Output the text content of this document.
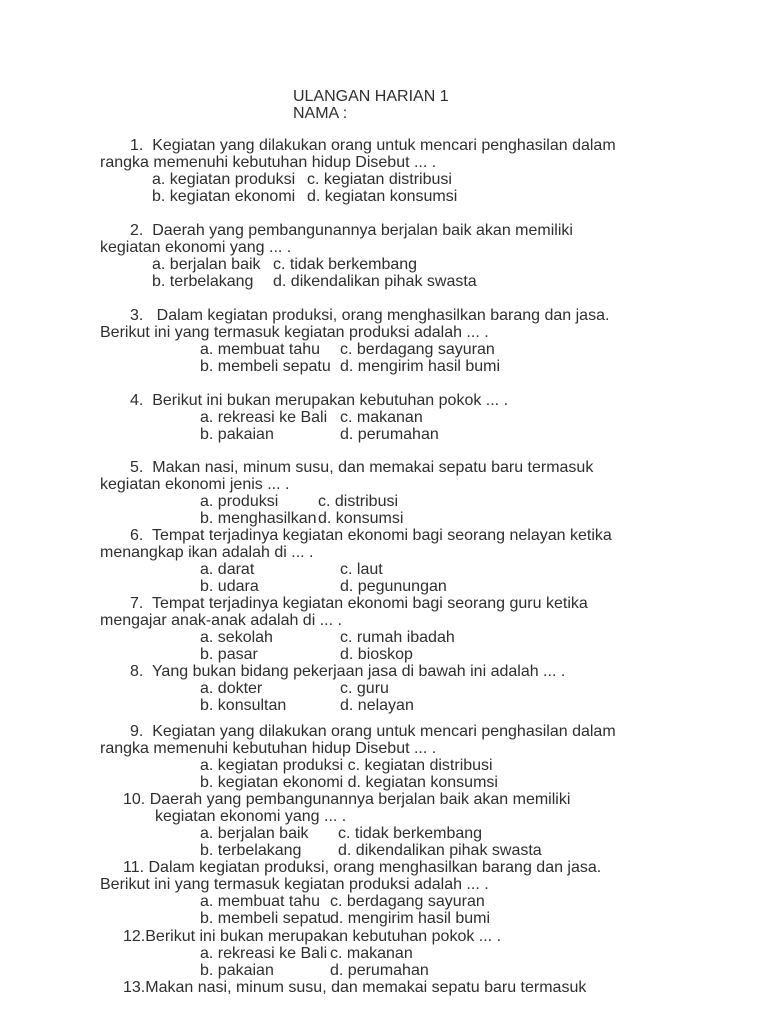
ULANGAN HARIAN 1
NAMA :
1.  Kegiatan yang dilakukan orang untuk mencari penghasilan dalam
rangka memenuhi kebutuhan hidup Disebut ... .
a. kegiatan produksi c. kegiatan distribusi
b. kegiatan ekonomi d. kegiatan konsumsi
2.  Daerah yang pembangunannya berjalan baik akan memiliki
kegiatan ekonomi yang ... .
a. berjalan baik c. tidak berkembang
b. terbelakang d. dikendalikan pihak swasta
3.   Dalam kegiatan produksi, orang menghasilkan barang dan jasa.
Berikut ini yang termasuk kegiatan produksi adalah ... .
a. membuat tahu c. berdagang sayuran
b. membeli sepatu d. mengirim hasil bumi
4.  Berikut ini bukan merupakan kebutuhan pokok ... .
a. rekreasi ke Bali c. makanan
b. pakaian	d. perumahan
5.  Makan nasi, minum susu, dan memakai sepatu baru termasuk
kegiatan ekonomi jenis ... .
a. produksi c. distribusi
b. menghasilkan d. konsumsi
6.  Tempat terjadinya kegiatan ekonomi bagi seorang nelayan ketika
menangkap ikan adalah di ... .
a. darat	c. laut
b. udara	d. pegunungan
7.  Tempat terjadinya kegiatan ekonomi bagi seorang guru ketika
mengajar anak-anak adalah di ... .
a. sekolah	c. rumah ibadah
b. pasar	d. bioskop
8.  Yang bukan bidang pekerjaan jasa di bawah ini adalah ... .
a. dokter	c. guru
b. konsultan	d. nelayan
9.  Kegiatan yang dilakukan orang untuk mencari penghasilan dalam
rangka memenuhi kebutuhan hidup Disebut ... .
a. kegiatan produksi c. kegiatan distribusi
b. kegiatan ekonomi d. kegiatan konsumsi
10. Daerah yang pembangunannya berjalan baik akan memiliki
kegiatan ekonomi yang ... .
a. berjalan baik c. tidak berkembang
b. terbelakang d. dikendalikan pihak swasta
11. Dalam kegiatan produksi, orang menghasilkan barang dan jasa.
Berikut ini yang termasuk kegiatan produksi adalah ... .
a. membuat tahu c. berdagang sayuran
b. membeli sepatu d. mengirim hasil bumi
12.Berikut ini bukan merupakan kebutuhan pokok ... .
a. rekreasi ke Bali c. makanan
b. pakaian	d. perumahan
13.Makan nasi, minum susu, dan memakai sepatu baru termasuk
